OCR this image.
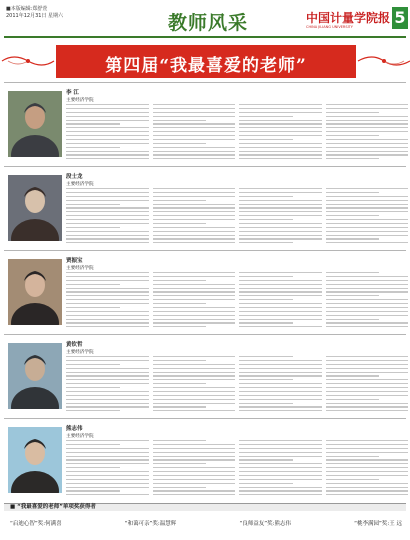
■本版编辑:郑舒萱
2011年12月31日 星期六	教师风采	中国计量学院报
CHINA JILIANG UNIVERSITY	5
第四届“我最喜爱的老师”
李 江
主要经济学院
段士龙
主要经济学院
贾振宝
主要经济学院
黄钦哲
主要经济学院
熊志伟
主要经济学院
■ “我最喜爱的老师”单项奖获得者
“启迪心智”奖:何满喜	“和蔼可亲”奖:温慧辉	“良师益友”奖:熊志伟	“桃李满园”奖:王 远
